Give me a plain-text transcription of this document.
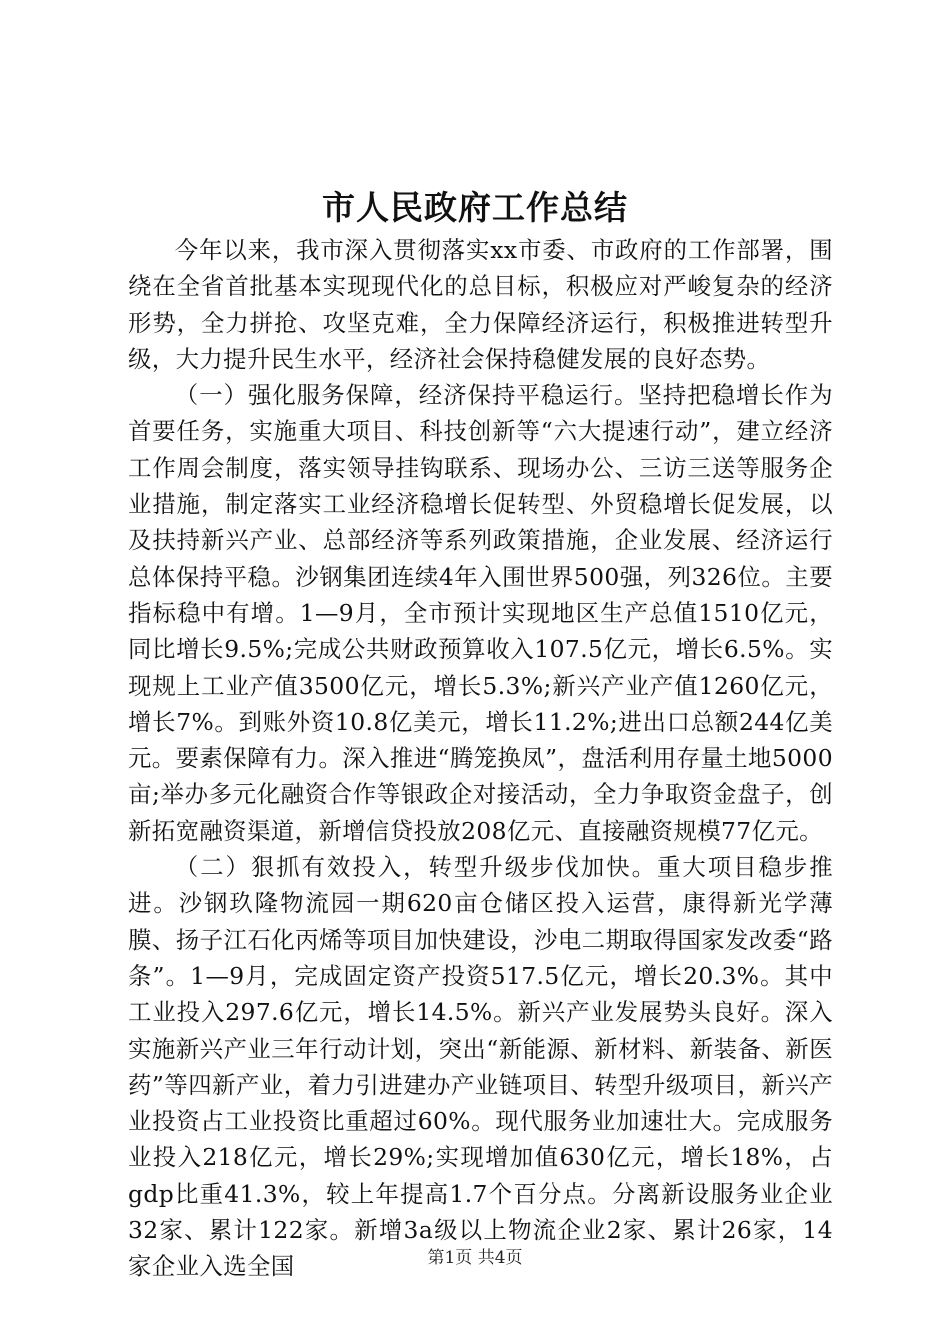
市人民政府工作总结

今年以来，我市深入贯彻落实xx市委、市政府的工作部署，围绕在全省首批基本实现现代化的总目标，积极应对严峻复杂的经济形势，全力拼抢、攻坚克难，全力保障经济运行，积极推进转型升级，大力提升民生水平，经济社会保持稳健发展的良好态势。

（一）强化服务保障，经济保持平稳运行。坚持把稳增长作为首要任务，实施重大项目、科技创新等“六大提速行动”，建立经济工作周会制度，落实领导挂钩联系、现场办公、三访三送等服务企业措施，制定落实工业经济稳增长促转型、外贸稳增长促发展，以及扶持新兴产业、总部经济等系列政策措施，企业发展、经济运行总体保持平稳。沙钢集团连续4年入围世界500强，列326位。主要指标稳中有增。1—9月，全市预计实现地区生产总值1510亿元，同比增长9.5%;完成公共财政预算收入107.5亿元，增长6.5%。实现规上工业产值3500亿元，增长5.3%;新兴产业产值1260亿元，增长7%。到账外资10.8亿美元，增长11.2%;进出口总额244亿美元。要素保障有力。深入推进“腾笼换凤”，盘活利用存量土地5000亩;举办多元化融资合作等银政企对接活动，全力争取资金盘子，创新拓宽融资渠道，新增信贷投放208亿元、直接融资规模77亿元。

（二）狠抓有效投入，转型升级步伐加快。重大项目稳步推进。沙钢玖隆物流园一期620亩仓储区投入运营，康得新光学薄膜、扬子江石化丙烯等项目加快建设，沙电二期取得国家发改委“路条”。1—9月，完成固定资产投资517.5亿元，增长20.3%。其中工业投入297.6亿元，增长14.5%。新兴产业发展势头良好。深入实施新兴产业三年行动计划，突出“新能源、新材料、新装备、新医药”等四新产业，着力引进建办产业链项目、转型升级项目，新兴产业投资占工业投资比重超过60%。现代服务业加速壮大。完成服务业投入218亿元，增长29%;实现增加值630亿元，增长18%，占gdp比重41.3%，较上年提高1.7个百分点。分离新设服务业企业32家、累计122家。新增3a级以上物流企业2家、累计26家，14家企业入选全国	第1页 共4页
